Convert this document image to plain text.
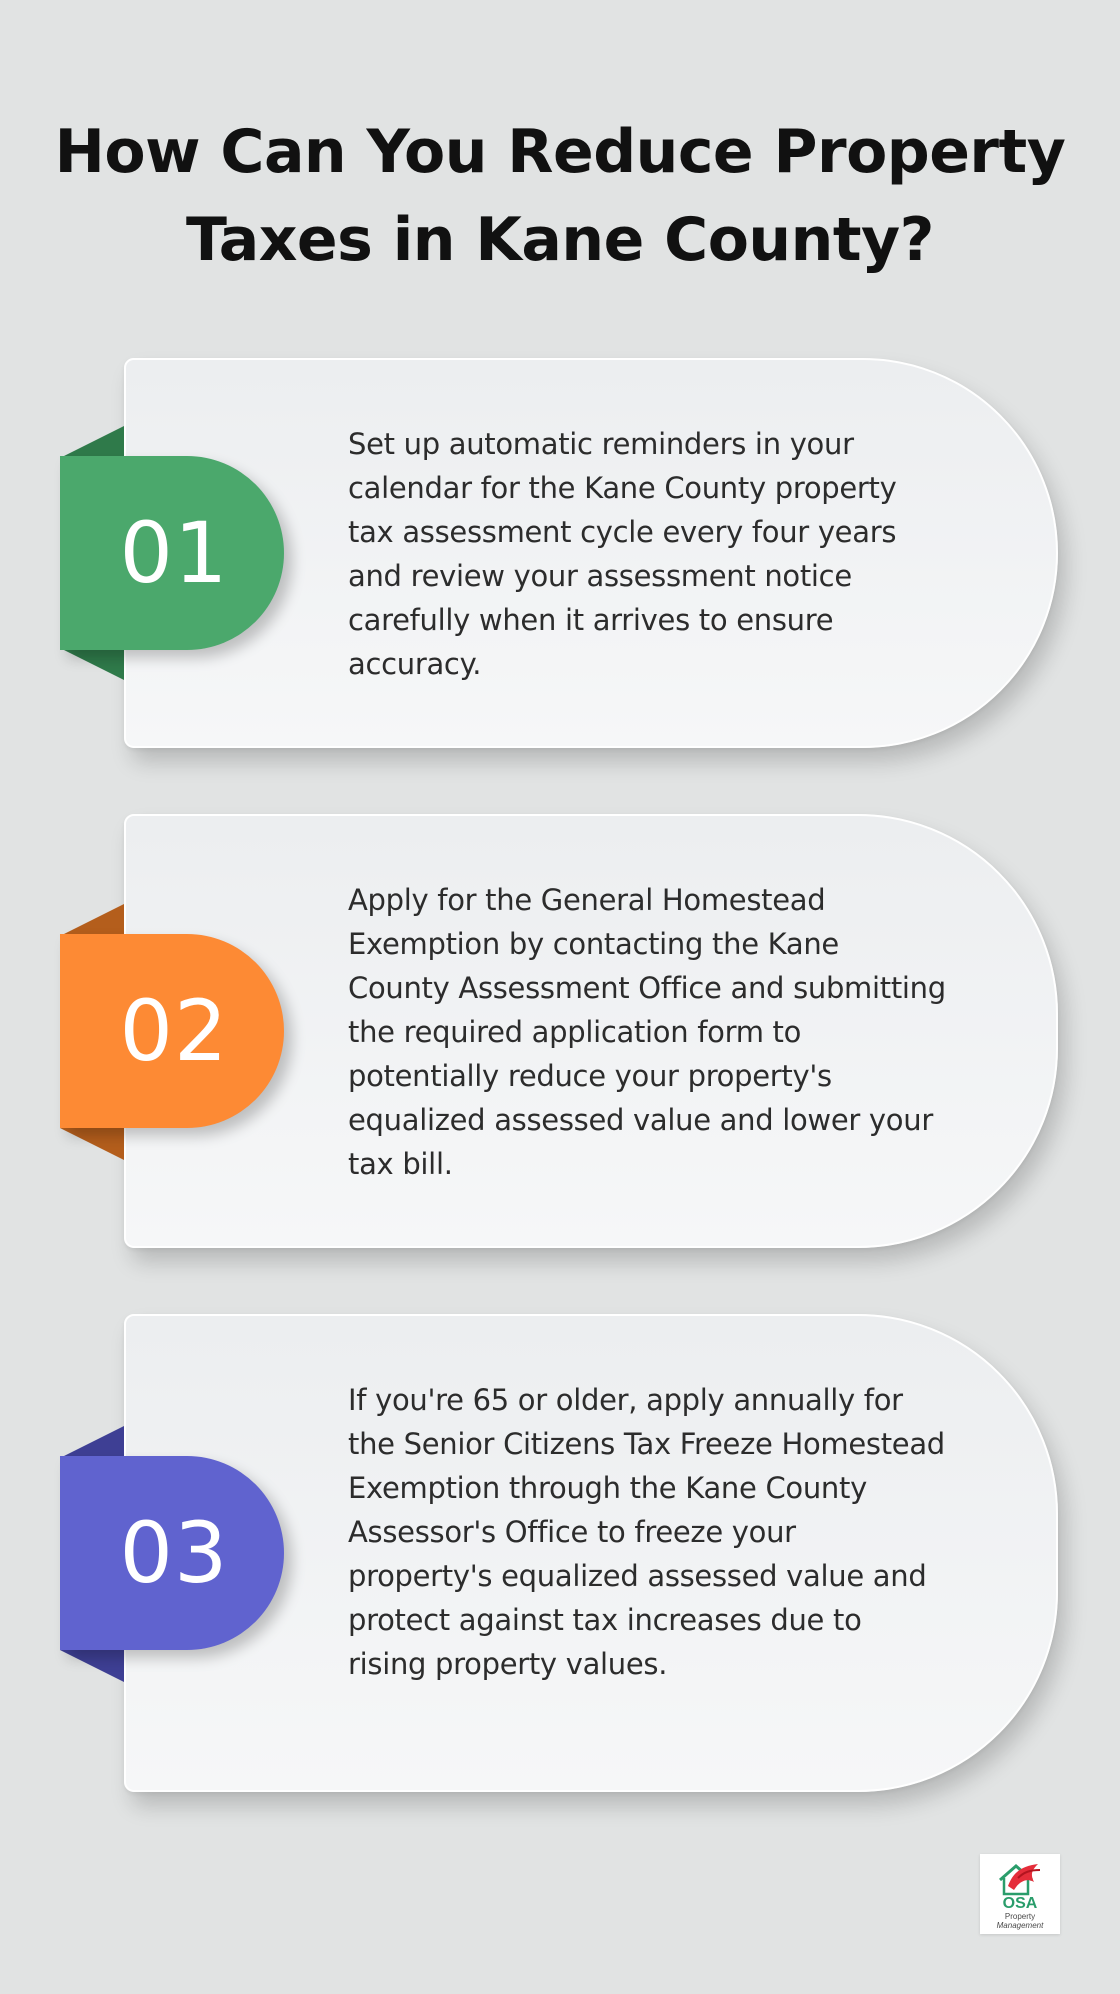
How Can You Reduce Property Taxes in Kane County?
01

Set up automatic reminders in your calendar for the Kane County property tax assessment cycle every four years and review your assessment notice carefully when it arrives to ensure accuracy.

02

Apply for the General Homestead Exemption by contacting the Kane County Assessment Office and submitting the required application form to potentially reduce your property's equalized assessed value and lower your tax bill.

03

If you're 65 or older, apply annually for the Senior Citizens Tax Freeze Homestead Exemption through the Kane County Assessor's Office to freeze your property's equalized assessed value and protect against tax increases due to rising property values.

OSA
Property
Management
